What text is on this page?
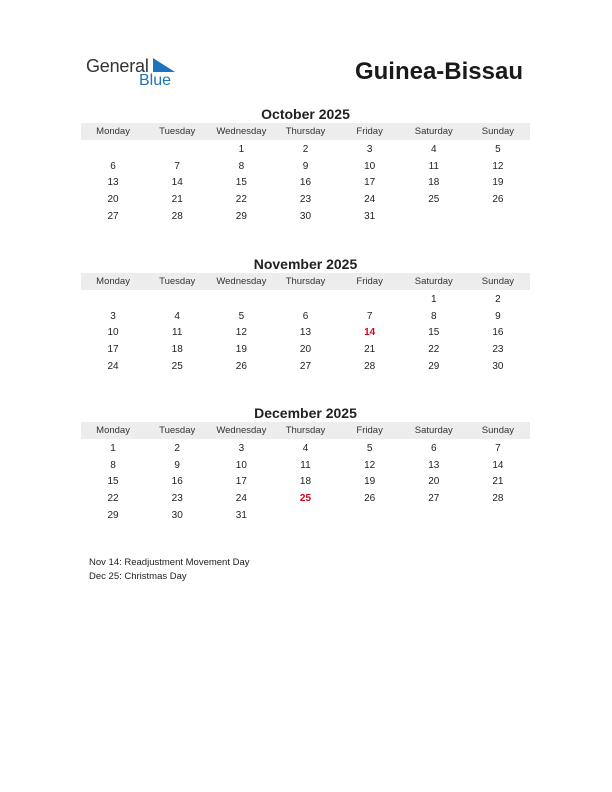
General
Blue	Guinea-Bissau
October 2025
Monday	Tuesday	Wednesday	Thursday	Friday	Saturday	Sunday
		1	2	3	4	5
6	7	8	9	10	11	12
13	14	15	16	17	18	19
20	21	22	23	24	25	26
27	28	29	30	31		
November 2025
Monday	Tuesday	Wednesday	Thursday	Friday	Saturday	Sunday
					1	2
3	4	5	6	7	8	9
10	11	12	13	14	15	16
17	18	19	20	21	22	23
24	25	26	27	28	29	30
December 2025
Monday	Tuesday	Wednesday	Thursday	Friday	Saturday	Sunday
1	2	3	4	5	6	7
8	9	10	11	12	13	14
15	16	17	18	19	20	21
22	23	24	25	26	27	28
29	30	31				
Nov 14: Readjustment Movement Day
Dec 25: Christmas Day
